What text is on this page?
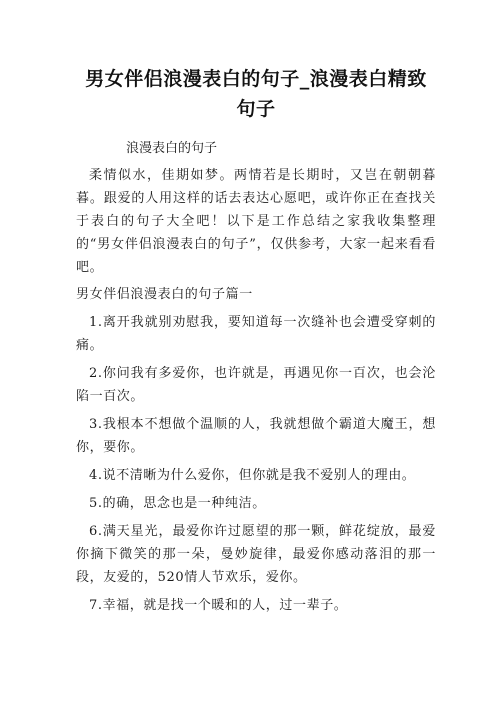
男女伴侣浪漫表白的句子_浪漫表白精致句子
浪漫表白的句子

柔情似水，佳期如梦。两情若是长期时，又岂在朝朝暮暮。跟爱的人用这样的话去表达心愿吧，或许你正在查找关于表白的句子大全吧！以下是工作总结之家我收集整理的“男女伴侣浪漫表白的句子”，仅供参考，大家一起来看看吧。

男女伴侣浪漫表白的句子篇一

1.离开我就别劝慰我，要知道每一次缝补也会遭受穿刺的痛。

2.你问我有多爱你，也许就是，再遇见你一百次，也会沦陷一百次。

3.我根本不想做个温顺的人，我就想做个霸道大魔王，想你，要你。

4.说不清晰为什么爱你，但你就是我不爱别人的理由。

5.的确，思念也是一种纯洁。

6.满天星光，最爱你许过愿望的那一颗，鲜花绽放，最爱你摘下微笑的那一朵，曼妙旋律，最爱你感动落泪的那一段，友爱的，520情人节欢乐，爱你。

7.幸福，就是找一个暖和的人，过一辈子。
